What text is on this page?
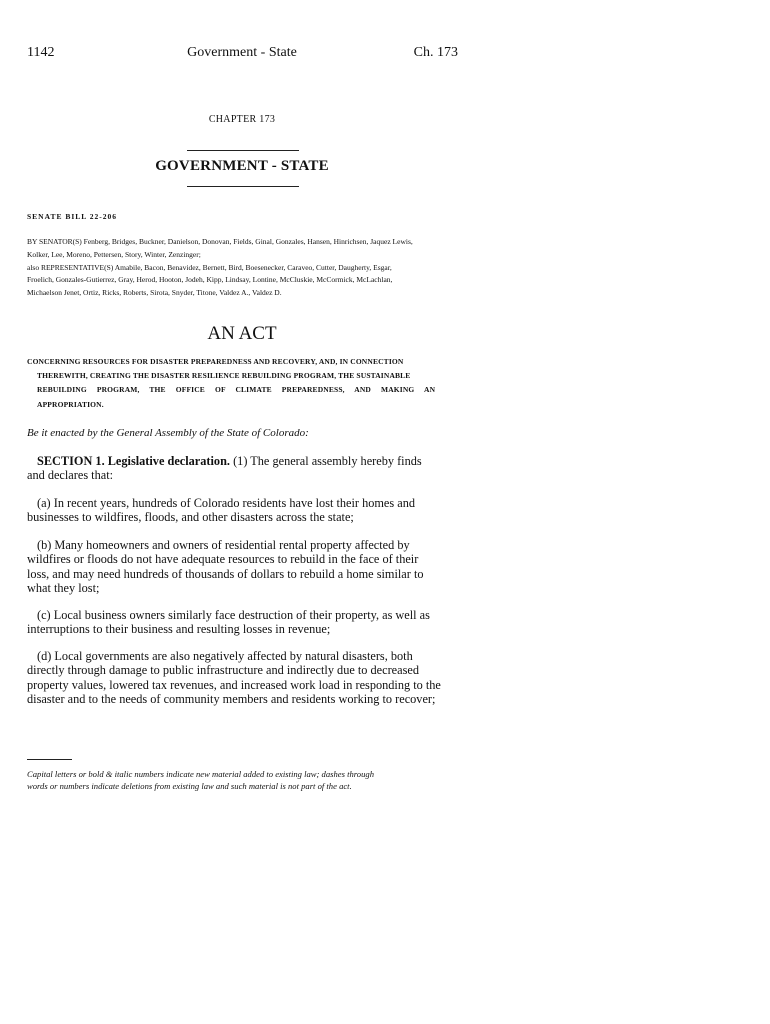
1142	Government - State	Ch. 173
CHAPTER 173
GOVERNMENT - STATE
SENATE BILL 22-206
BY SENATOR(S) Fenberg, Bridges, Buckner, Danielson, Donovan, Fields, Ginal, Gonzales, Hansen, Hinrichsen, Jaquez Lewis,
Kolker, Lee, Moreno, Pettersen, Story, Winter, Zenzinger;
also REPRESENTATIVE(S) Amabile, Bacon, Benavidez, Bernett, Bird, Boesenecker, Caraveo, Cutter, Daugherty, Esgar,
Froelich, Gonzales-Gutierrez, Gray, Herod, Hooton, Jodeh, Kipp, Lindsay, Lontine, McCluskie, McCormick, McLachlan,
Michaelson Jenet, Ortiz, Ricks, Roberts, Sirota, Snyder, Titone, Valdez A., Valdez D.
AN ACT
CONCERNING RESOURCES FOR DISASTER PREPAREDNESS AND RECOVERY, AND, IN CONNECTION
THEREWITH, CREATING THE DISASTER RESILIENCE REBUILDING PROGRAM, THE SUSTAINABLE
REBUILDING PROGRAM, THE OFFICE OF CLIMATE PREPAREDNESS, AND MAKING AN
APPROPRIATION.
Be it enacted by the General Assembly of the State of Colorado:
SECTION 1. Legislative declaration. (1) The general assembly hereby finds
and declares that:
(a) In recent years, hundreds of Colorado residents have lost their homes and
businesses to wildfires, floods, and other disasters across the state;
(b) Many homeowners and owners of residential rental property affected by
wildfires or floods do not have adequate resources to rebuild in the face of their
loss, and may need hundreds of thousands of dollars to rebuild a home similar to
what they lost;
(c) Local business owners similarly face destruction of their property, as well as
interruptions to their business and resulting losses in revenue;
(d) Local governments are also negatively affected by natural disasters, both
directly through damage to public infrastructure and indirectly due to decreased
property values, lowered tax revenues, and increased work load in responding to the
disaster and to the needs of community members and residents working to recover;
Capital letters or bold & italic numbers indicate new material added to existing law; dashes through
words or numbers indicate deletions from existing law and such material is not part of the act.
